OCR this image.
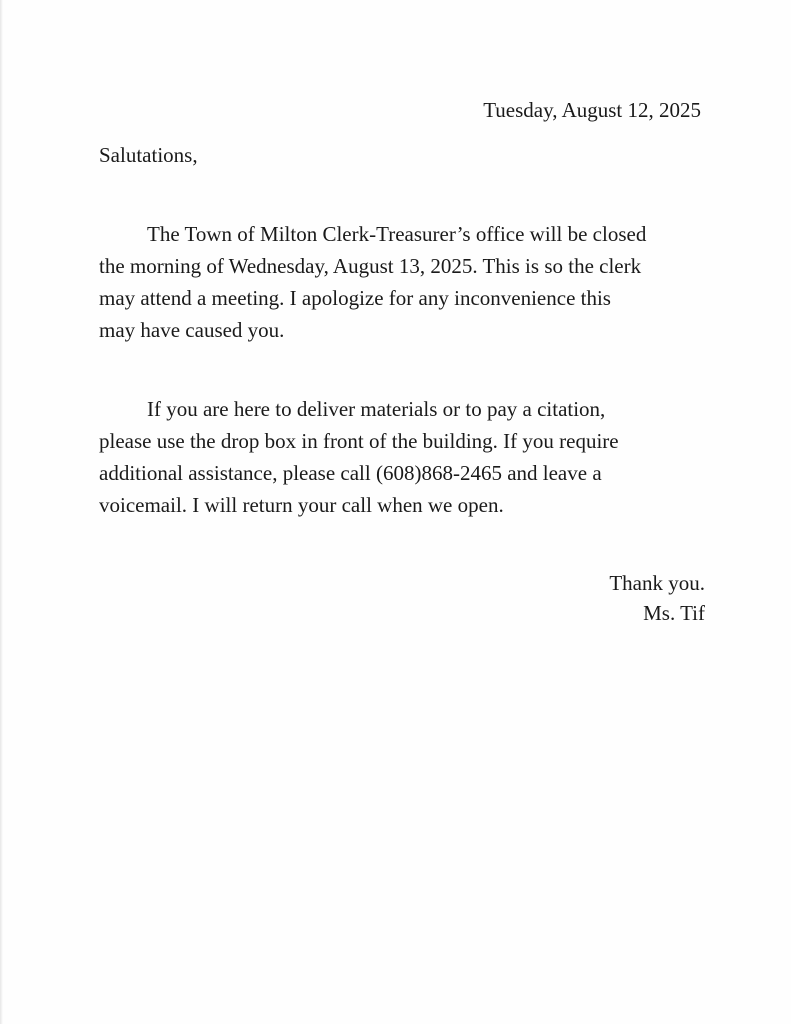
Tuesday, August 12, 2025
Salutations,
The Town of Milton Clerk-Treasurer’s office will be closed
the morning of Wednesday, August 13, 2025. This is so the clerk
may attend a meeting. I apologize for any inconvenience this
may have caused you.
If you are here to deliver materials or to pay a citation,
please use the drop box in front of the building. If you require
additional assistance, please call (608)868-2465 and leave a
voicemail. I will return your call when we open.
Thank you.
Ms. Tif
